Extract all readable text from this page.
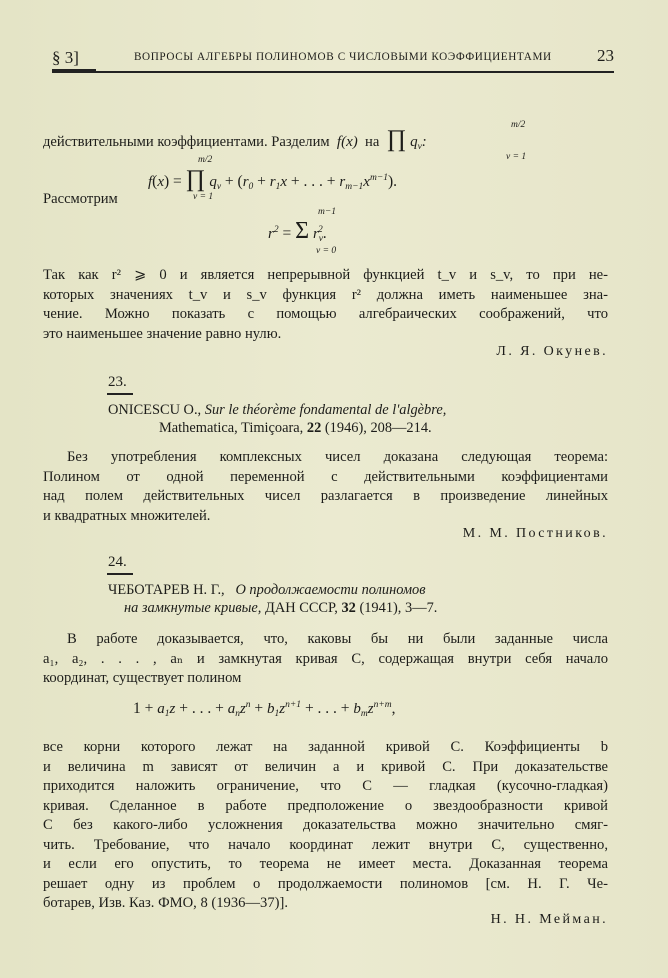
§ 3]	ВОПРОСЫ АЛГЕБРЫ ПОЛИНОМОВ С ЧИСЛОВЫМИ КОЭФФИЦИЕНТАМИ	23
действительными коэффициентами. Разделим f(x) на ∏ $q_v$:
m/2
v = 1
f(x) = ∏ $q_v + (r_0 + r_1x$ + . . . + $r_{m-1}x^{m-1}$).
m/2
v = 1
Рассмотрим
m−1
$r^2 = \Sigma$ $r_v^2$.
v = 0
Так как r² ⩾ 0 и является непрерывной функцией t_v и s_v, то при не-
которых значениях t_v и s_v функция r² должна иметь наименьшее зна-
чение. Можно показать с помощью алгебраических соображений, что
это наименьшее значение равно нулю.
Л. Я. Окунев.
23.
ONICESCU O., Sur le théorème fondamental de l'algèbre,
Mathematica, Timiçoara, 22 (1946), 208—214.
Без употребления комплексных чисел доказана следующая теорема:
Полином от одной переменной с действительными коэффициентами
над полем действительных чисел разлагается в произведение линейных
и квадратных множителей.
М. М. Постников.
24.
ЧЕБОТАРЕВ Н. Г., О продолжаемости полиномов
на замкнутые кривые, ДАН СССР, 32 (1941), 3—7.
В работе доказывается, что, каковы бы ни были заданные числа
a₁, a₂, . . . , aₙ и замкнутая кривая C, содержащая внутри себя начало
координат, существует полином
$1 + a_1z$ + . . . + $a_nz^n + b_1z^{n+1}$ + . . . + $b_mz^{n+m}$,
все корни которого лежат на заданной кривой C. Коэффициенты b
и величина m зависят от величин a и кривой C. При доказательстве
приходится наложить ограничение, что C — гладкая (кусочно-гладкая)
кривая. Сделанное в работе предположение о звездообразности кривой
C без какого-либо усложнения доказательства можно значительно смяг-
чить. Требование, что начало координат лежит внутри C, существенно,
и если его опустить, то теорема не имеет места. Доказанная теорема
решает одну из проблем о продолжаемости полиномов [см. Н. Г. Че-
ботарев, Изв. Каз. ФМО, 8 (1936—37)].
Н. Н. Мейман.
